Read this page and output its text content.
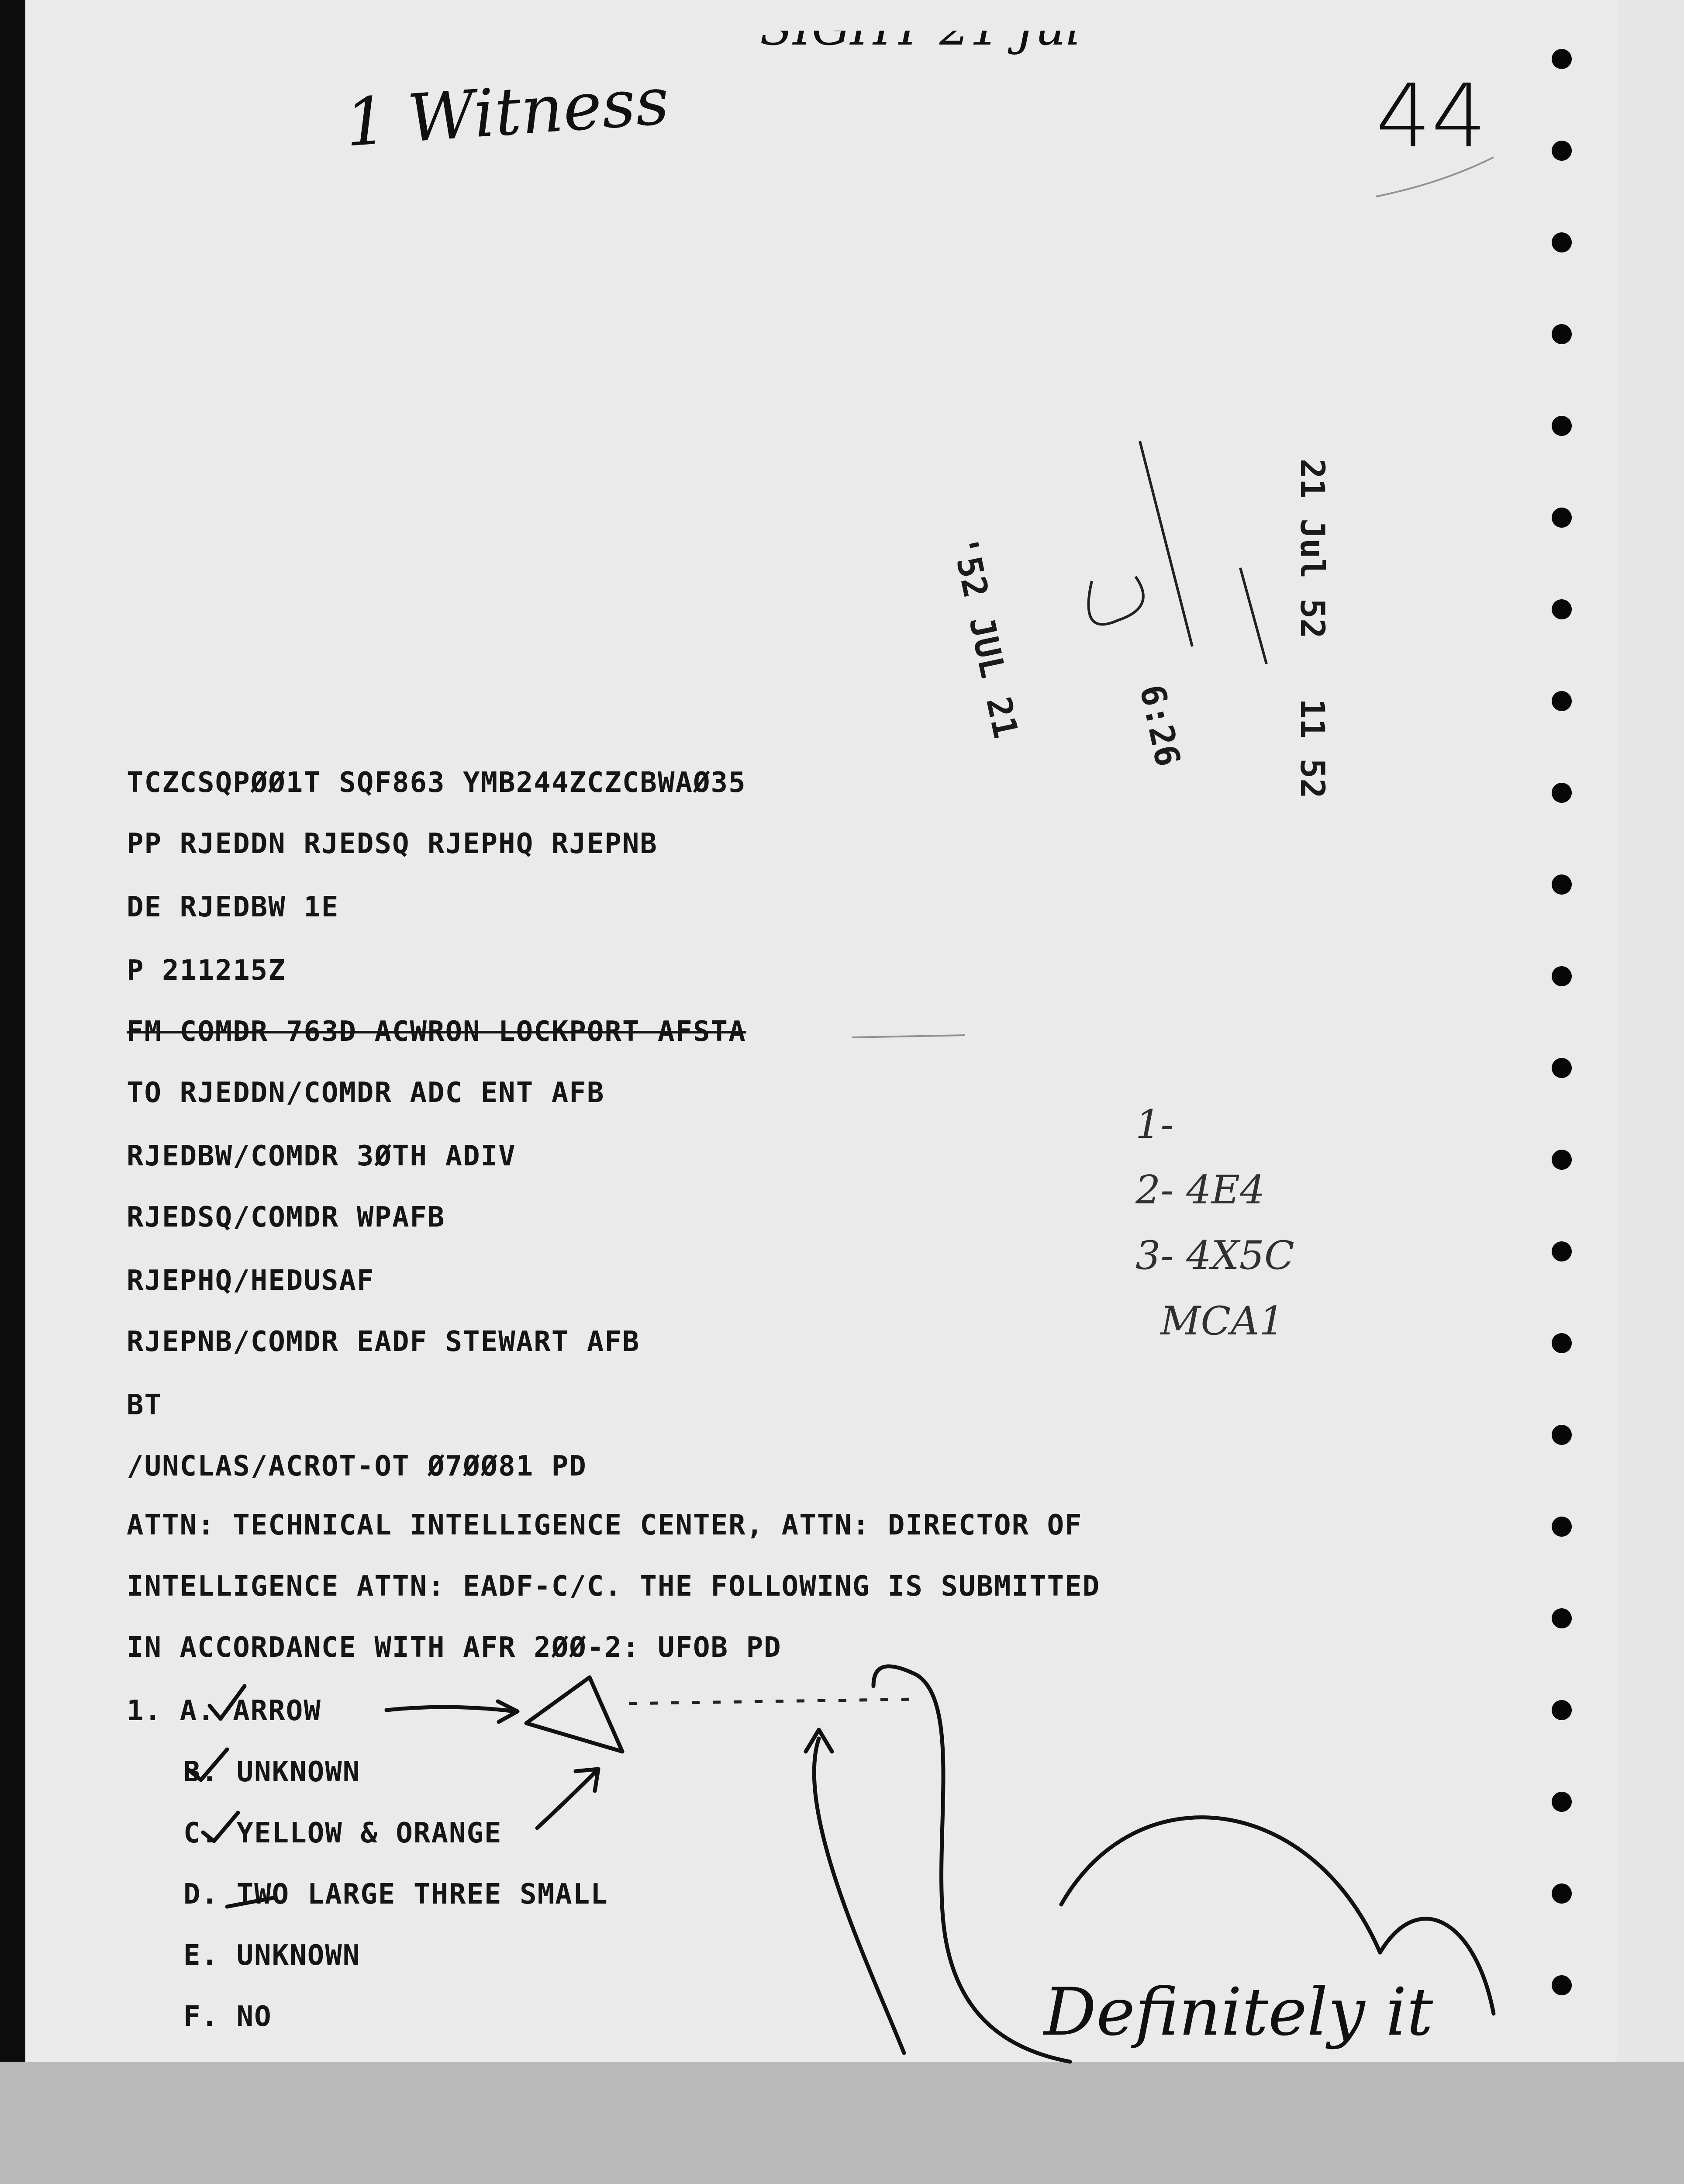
1 Witness	44
'52 JUL 21	6:26	21 Jul 52   11 52

TCZCSQPØØ1T SQF863 YMB244ZCZCBWAØ35

PP RJEDDN RJEDSQ RJEPHQ RJEPNB

DE RJEDBW 1E

P 211215Z

FM COMDR 763D ACWRON LOCKPORT AFSTA

TO RJEDDN/COMDR ADC ENT AFB

RJEDBW/COMDR 3ØTH ADIV

RJEDSQ/COMDR WPAFB

RJEPHQ/HEDUSAF

RJEPNB/COMDR EADF STEWART AFB

BT

/UNCLAS/ACROT-OT Ø7ØØ81 PD

ATTN: TECHNICAL INTELLIGENCE CENTER, ATTN: DIRECTOR OF

INTELLIGENCE ATTN: EADF-C/C. THE FOLLOWING IS SUBMITTED

IN ACCORDANCE WITH AFR 2ØØ-2: UFOB PD

1. A. ARROW

B. UNKNOWN

C. YELLOW & ORANGE

D. TWO LARGE THREE SMALL

E. UNKNOWN

F. NO

1-
2- 4E4
3- 4X5C
MCA1
Definitely it
